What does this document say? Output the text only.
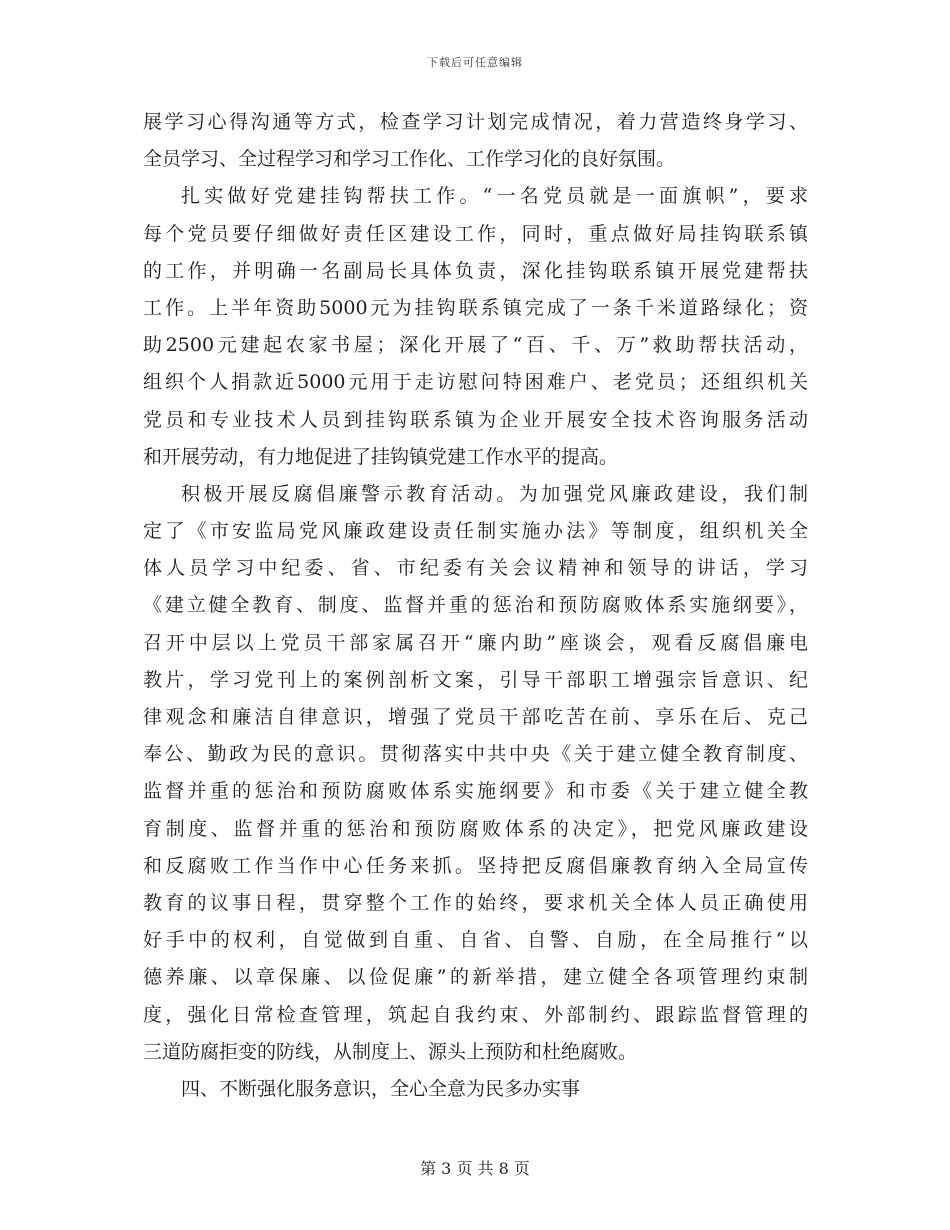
下载后可任意编辑
展学习心得沟通等方式，检查学习计划完成情况，着力营造终身学习、
全员学习、全过程学习和学习工作化、工作学习化的良好氛围。
扎实做好党建挂钩帮扶工作。“一名党员就是一面旗帜”，要求
每个党员要仔细做好责任区建设工作，同时，重点做好局挂钩联系镇
的工作，并明确一名副局长具体负责，深化挂钩联系镇开展党建帮扶
工作。上半年资助5000元为挂钩联系镇完成了一条千米道路绿化；资
助2500元建起农家书屋；深化开展了“百、千、万”救助帮扶活动，
组织个人捐款近5000元用于走访慰问特困难户、老党员；还组织机关
党员和专业技术人员到挂钩联系镇为企业开展安全技术咨询服务活动
和开展劳动，有力地促进了挂钩镇党建工作水平的提高。
积极开展反腐倡廉警示教育活动。为加强党风廉政建设，我们制
定了《市安监局党风廉政建设责任制实施办法》等制度，组织机关全
体人员学习中纪委、省、市纪委有关会议精神和领导的讲话，学习
《建立健全教育、制度、监督并重的惩治和预防腐败体系实施纲要》，
召开中层以上党员干部家属召开“廉内助”座谈会，观看反腐倡廉电
教片，学习党刊上的案例剖析文案，引导干部职工增强宗旨意识、纪
律观念和廉洁自律意识，增强了党员干部吃苦在前、享乐在后、克己
奉公、勤政为民的意识。贯彻落实中共中央《关于建立健全教育制度、
监督并重的惩治和预防腐败体系实施纲要》和市委《关于建立健全教
育制度、监督并重的惩治和预防腐败体系的决定》，把党风廉政建设
和反腐败工作当作中心任务来抓。坚持把反腐倡廉教育纳入全局宣传
教育的议事日程，贯穿整个工作的始终，要求机关全体人员正确使用
好手中的权利，自觉做到自重、自省、自警、自励，在全局推行“以
德养廉、以章保廉、以俭促廉”的新举措，建立健全各项管理约束制
度，强化日常检查管理，筑起自我约束、外部制约、跟踪监督管理的
三道防腐拒变的防线，从制度上、源头上预防和杜绝腐败。
四、不断强化服务意识，全心全意为民多办实事
第 3 页 共 8 页
